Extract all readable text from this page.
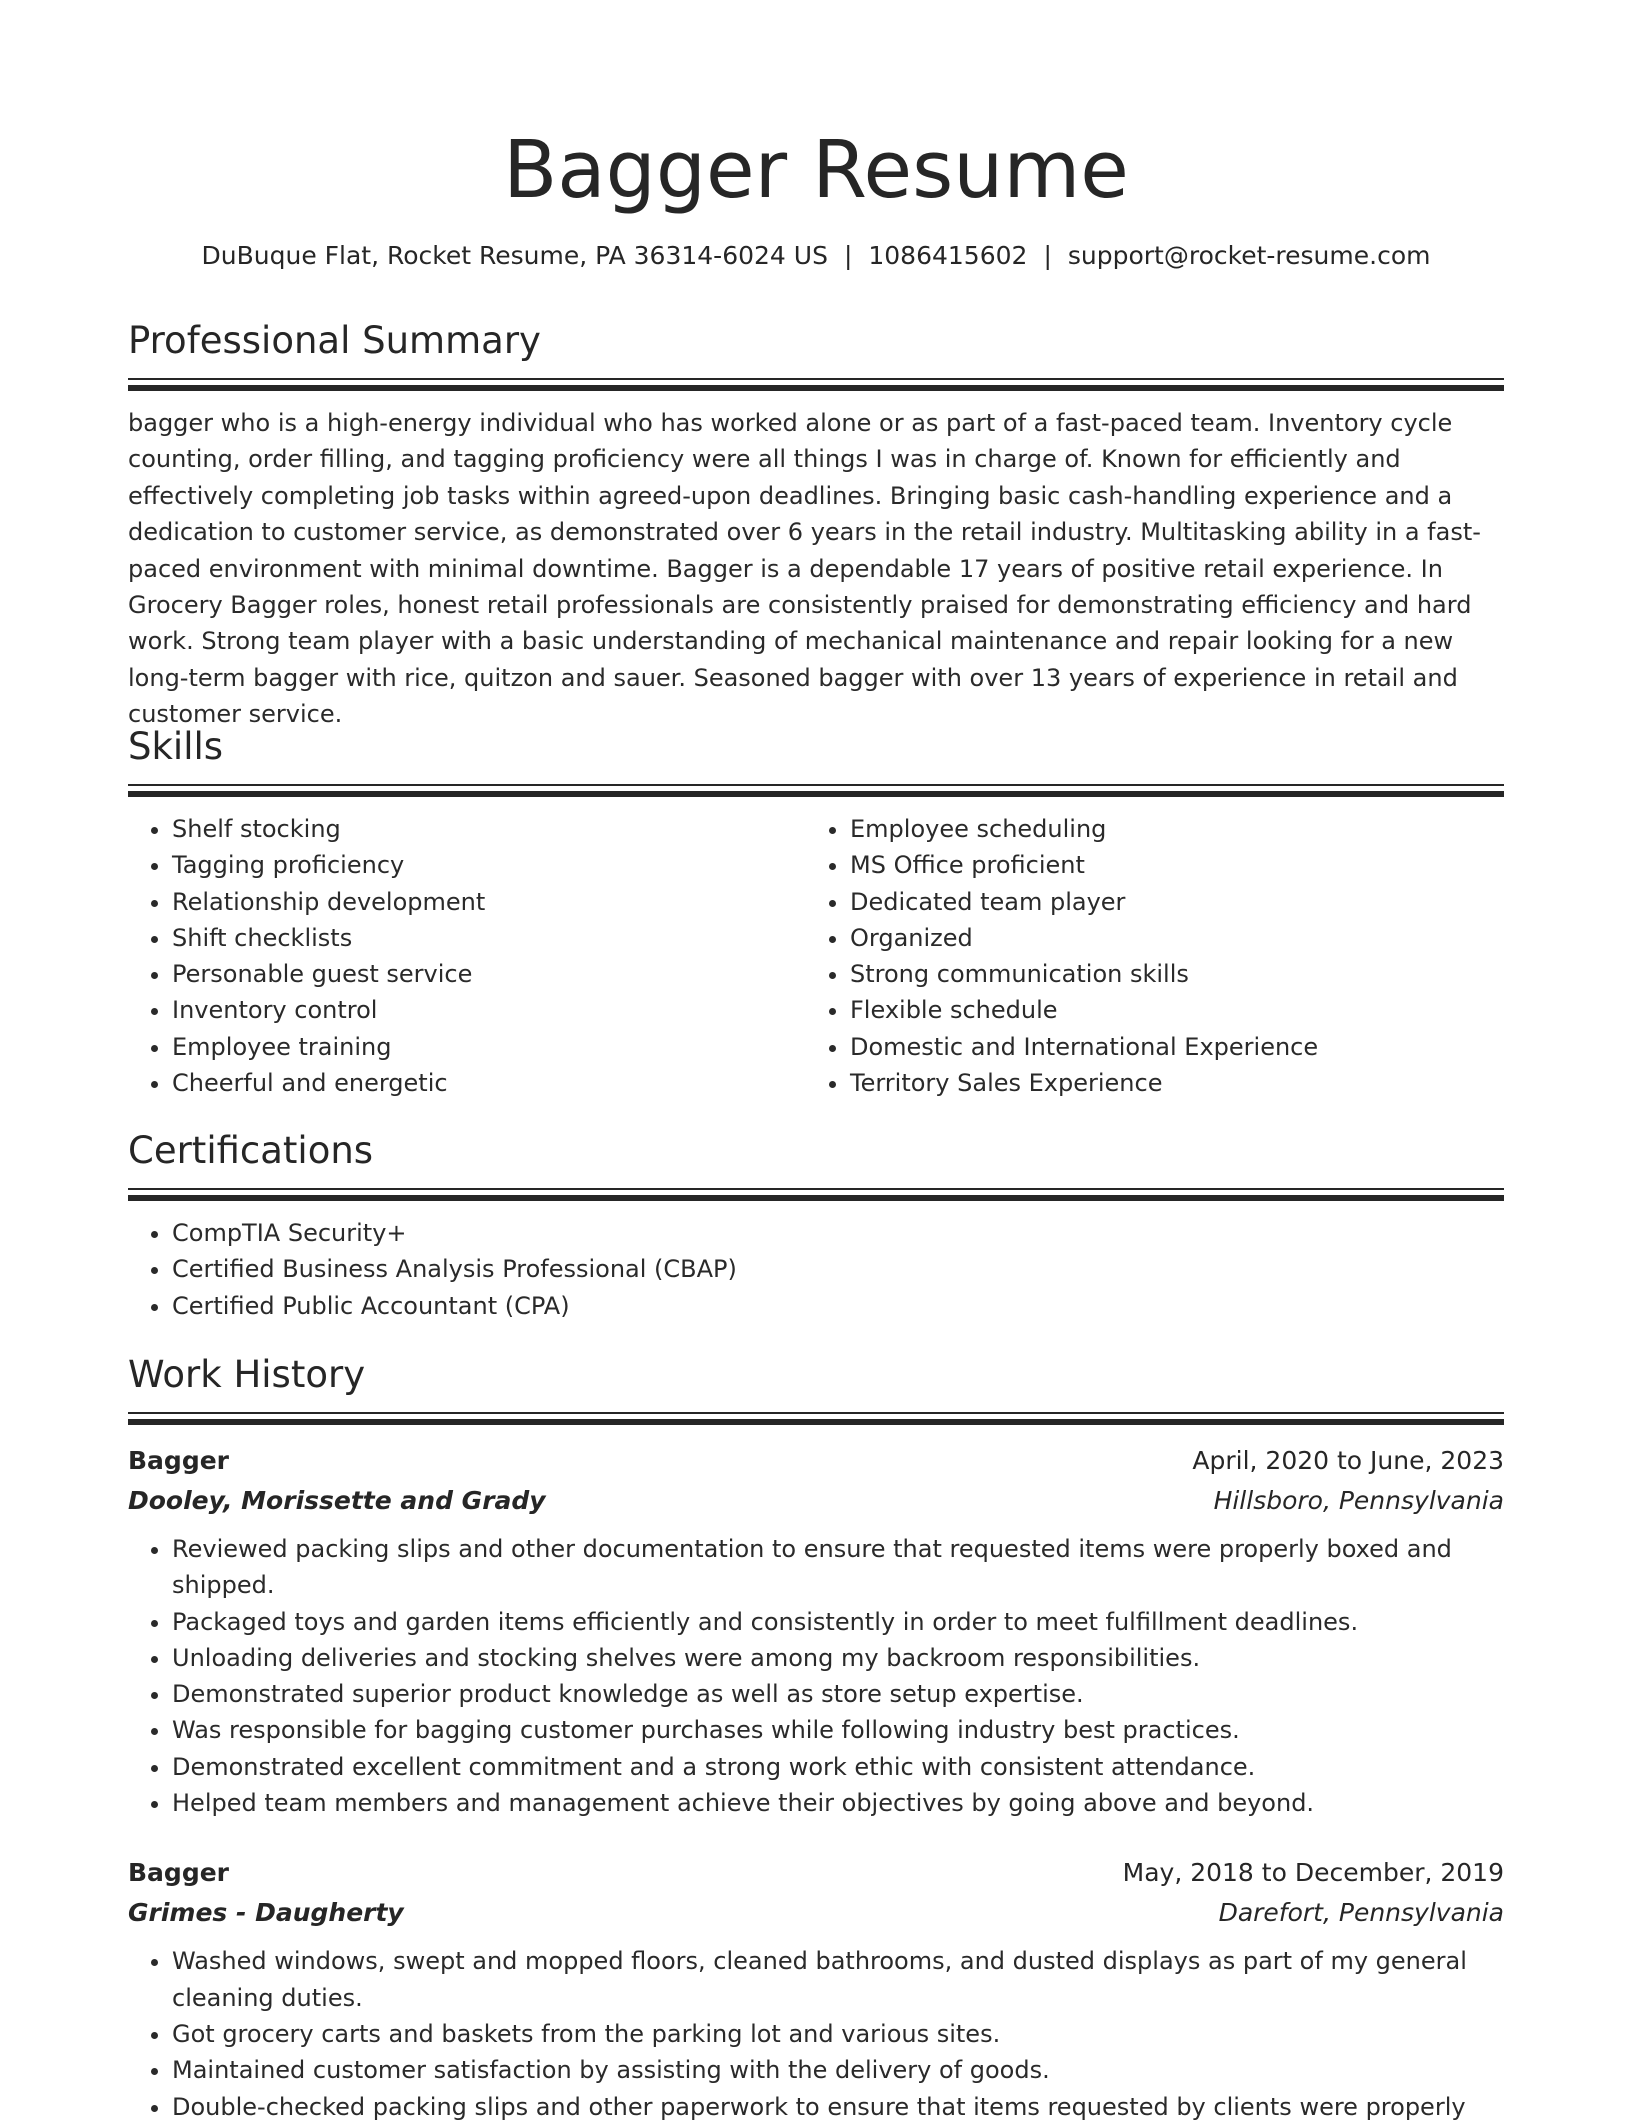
Bagger Resume
DuBuque Flat, Rocket Resume, PA 36314-6024 US | 1086415602 | support@rocket-resume.com
Professional Summary

bagger who is a high-energy individual who has worked alone or as part of a fast-paced team. Inventory cycle counting, order filling, and tagging proficiency were all things I was in charge of. Known for efficiently and effectively completing job tasks within agreed-upon deadlines. Bringing basic cash-handling experience and a dedication to customer service, as demonstrated over 6 years in the retail industry. Multitasking ability in a fast-paced environment with minimal downtime. Bagger is a dependable 17 years of positive retail experience. In Grocery Bagger roles, honest retail professionals are consistently praised for demonstrating efficiency and hard work. Strong team player with a basic understanding of mechanical maintenance and repair looking for a new long-term bagger with rice, quitzon and sauer. Seasoned bagger with over 13 years of experience in retail and customer service.

Skills
• Shelf stocking
• Tagging proficiency
• Relationship development
• Shift checklists
• Personable guest service
• Inventory control
• Employee training
• Cheerful and energetic
• Employee scheduling
• MS Office proficient
• Dedicated team player
• Organized
• Strong communication skills
• Flexible schedule
• Domestic and International Experience
• Territory Sales Experience
Certifications
• CompTIA Security+
• Certified Business Analysis Professional (CBAP)
• Certified Public Accountant (CPA)
Work History
Bagger	April, 2020 to June, 2023
Dooley, Morissette and Grady	Hillsboro, Pennsylvania
• Reviewed packing slips and other documentation to ensure that requested items were properly boxed and shipped.
• Packaged toys and garden items efficiently and consistently in order to meet fulfillment deadlines.
• Unloading deliveries and stocking shelves were among my backroom responsibilities.
• Demonstrated superior product knowledge as well as store setup expertise.
• Was responsible for bagging customer purchases while following industry best practices.
• Demonstrated excellent commitment and a strong work ethic with consistent attendance.
• Helped team members and management achieve their objectives by going above and beyond.
Bagger	May, 2018 to December, 2019
Grimes - Daugherty	Darefort, Pennsylvania
• Washed windows, swept and mopped floors, cleaned bathrooms, and dusted displays as part of my general cleaning duties.
• Got grocery carts and baskets from the parking lot and various sites.
• Maintained customer satisfaction by assisting with the delivery of goods.
• Double-checked packing slips and other paperwork to ensure that items requested by clients were properly
